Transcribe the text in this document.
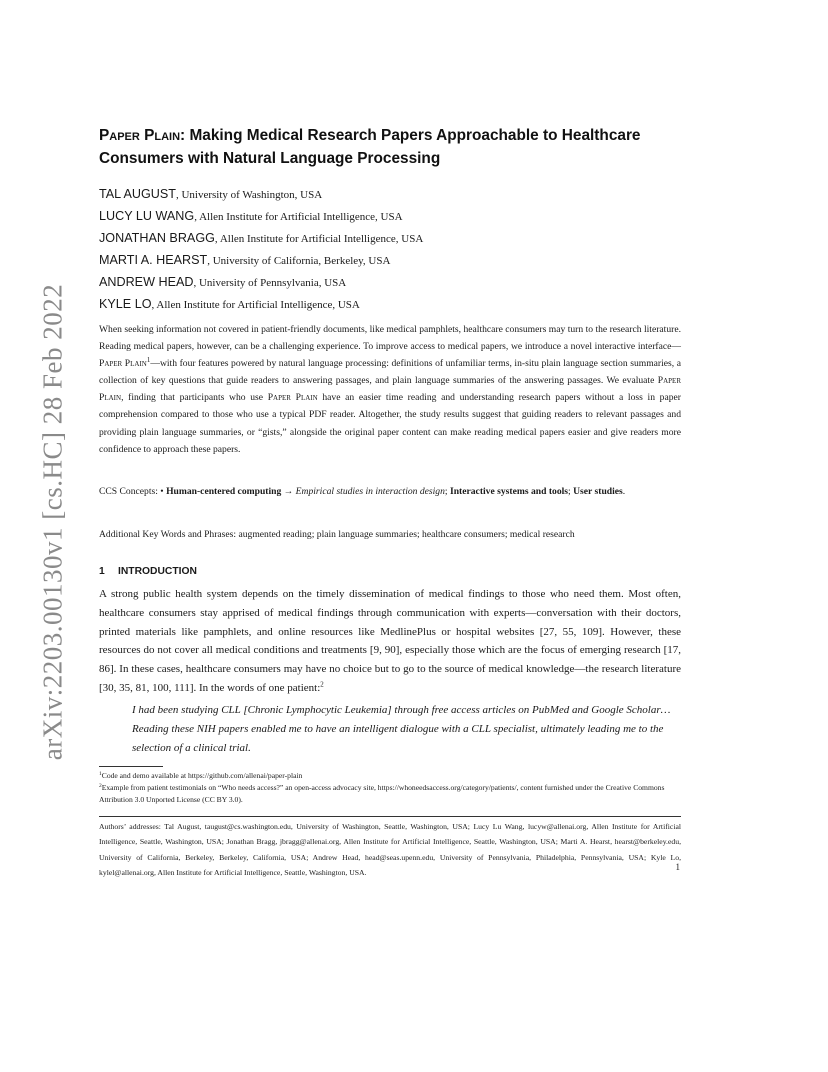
arXiv:2203.00130v1 [cs.HC] 28 Feb 2022
Paper Plain: Making Medical Research Papers Approachable to Healthcare Consumers with Natural Language Processing
TAL AUGUST, University of Washington, USA
LUCY LU WANG, Allen Institute for Artificial Intelligence, USA
JONATHAN BRAGG, Allen Institute for Artificial Intelligence, USA
MARTI A. HEARST, University of California, Berkeley, USA
ANDREW HEAD, University of Pennsylvania, USA
KYLE LO, Allen Institute for Artificial Intelligence, USA

When seeking information not covered in patient-friendly documents, like medical pamphlets, healthcare consumers may turn to the research literature. Reading medical papers, however, can be a challenging experience. To improve access to medical papers, we introduce a novel interactive interface—Paper Plain$^1$—with four features powered by natural language processing: definitions of unfamiliar terms, in-situ plain language section summaries, a collection of key questions that guide readers to answering passages, and plain language summaries of the answering passages. We evaluate Paper Plain, finding that participants who use Paper Plain have an easier time reading and understanding research papers without a loss in paper comprehension compared to those who use a typical PDF reader. Altogether, the study results suggest that guiding readers to relevant passages and providing plain language summaries, or “gists,” alongside the original paper content can make reading medical papers easier and give readers more confidence to approach these papers.

CCS Concepts: • Human-centered computing → Empirical studies in interaction design; Interactive systems and tools; User studies.

Additional Key Words and Phrases: augmented reading; plain language summaries; healthcare consumers; medical research

1 INTRODUCTION

A strong public health system depends on the timely dissemination of medical findings to those who need them. Most often, healthcare consumers stay apprised of medical findings through communication with experts—conversation with their doctors, printed materials like pamphlets, and online resources like MedlinePlus or hospital websites [27, 55, 109]. However, these resources do not cover all medical conditions and treatments [9, 90], especially those which are the focus of emerging research [17, 86]. In these cases, healthcare consumers may have no choice but to go to the source of medical knowledge—the research literature [30, 35, 81, 100, 111]. In the words of one patient:$^2$

I had been studying CLL [Chronic Lymphocytic Leukemia] through free access articles on PubMed and Google Scholar… Reading these NIH papers enabled me to have an intelligent dialogue with a CLL specialist, ultimately leading me to the selection of a clinical trial.

$^1$Code and demo available at https://github.com/allenai/paper-plain

$^2$Example from patient testimonials on “Who needs access?” an open-access advocacy site, https://whoneedsaccess.org/category/patients/, content furnished under the Creative Commons Attribution 3.0 Unported License (CC BY 3.0).

Authors’ addresses: Tal August, taugust@cs.washington.edu, University of Washington, Seattle, Washington, USA; Lucy Lu Wang, lucyw@allenai.org, Allen Institute for Artificial Intelligence, Seattle, Washington, USA; Jonathan Bragg, jbragg@allenai.org, Allen Institute for Artificial Intelligence, Seattle, Washington, USA; Marti A. Hearst, hearst@berkeley.edu, University of California, Berkeley, Berkeley, California, USA; Andrew Head, head@seas.upenn.edu, University of Pennsylvania, Philadelphia, Pennsylvania, USA; Kyle Lo, kylel@allenai.org, Allen Institute for Artificial Intelligence, Seattle, Washington, USA.

1
